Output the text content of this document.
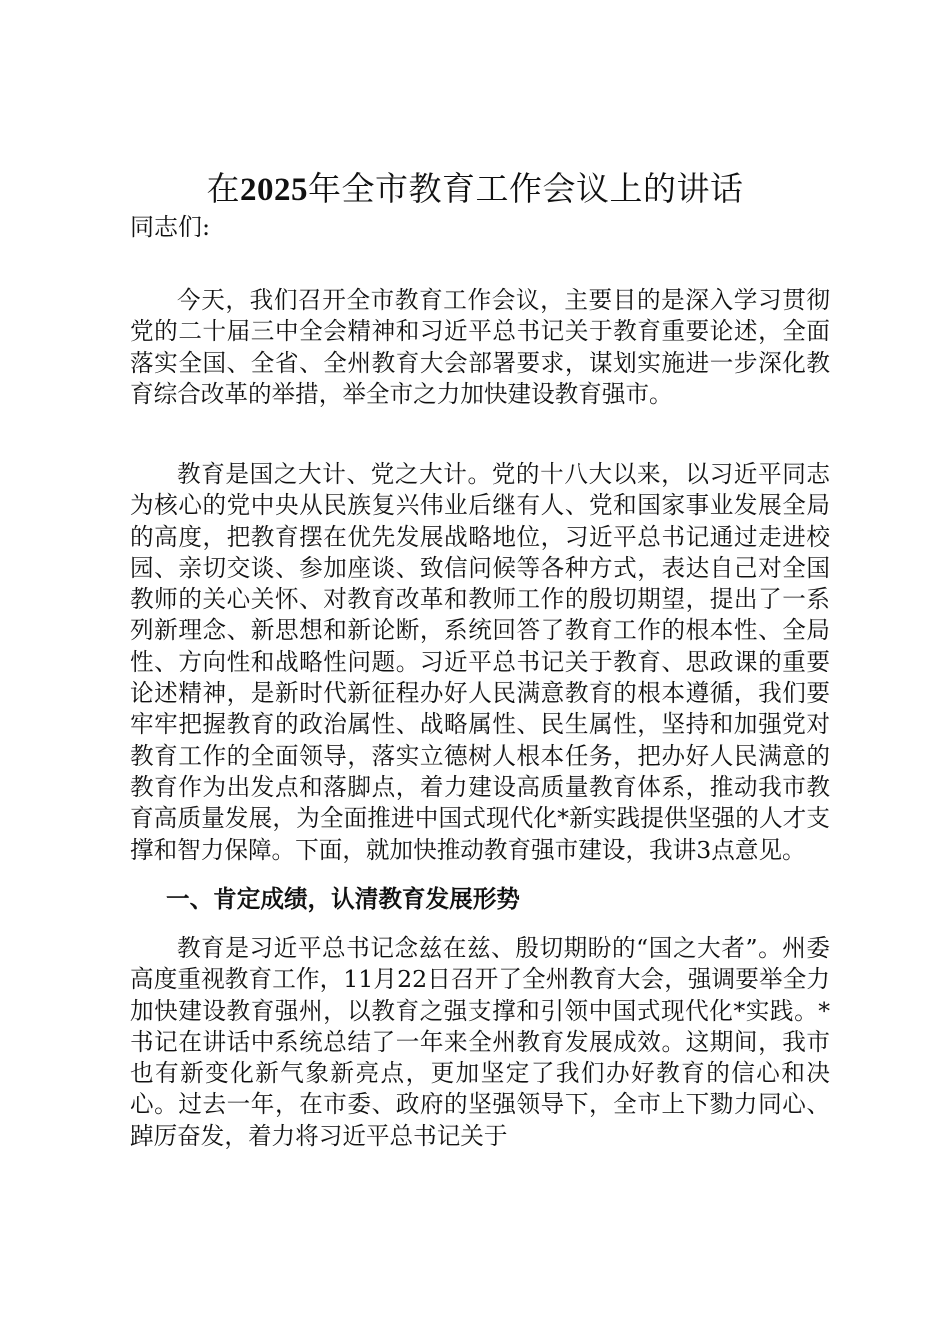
在2025年全市教育工作会议上的讲话
同志们:

今天，我们召开全市教育工作会议，主要目的是深入学习贯彻党的二十届三中全会精神和习近平总书记关于教育重要论述，全面落实全国、全省、全州教育大会部署要求，谋划实施进一步深化教育综合改革的举措，举全市之力加快建设教育强市。

教育是国之大计、党之大计。党的十八大以来，以习近平同志为核心的党中央从民族复兴伟业后继有人、党和国家事业发展全局的高度，把教育摆在优先发展战略地位，习近平总书记通过走进校园、亲切交谈、参加座谈、致信问候等各种方式，表达自己对全国教师的关心关怀、对教育改革和教师工作的殷切期望，提出了一系列新理念、新思想和新论断，系统回答了教育工作的根本性、全局性、方向性和战略性问题。习近平总书记关于教育、思政课的重要论述精神，是新时代新征程办好人民满意教育的根本遵循，我们要牢牢把握教育的政治属性、战略属性、民生属性，坚持和加强党对教育工作的全面领导，落实立德树人根本任务，把办好人民满意的教育作为出发点和落脚点，着力建设高质量教育体系，推动我市教育高质量发展，为全面推进中国式现代化*新实践提供坚强的人才支撑和智力保障。下面，就加快推动教育强市建设，我讲3点意见。

一、肯定成绩，认清教育发展形势

教育是习近平总书记念兹在兹、殷切期盼的“国之大者”。州委高度重视教育工作，11月22日召开了全州教育大会，强调要举全力加快建设教育强州，以教育之强支撑和引领中国式现代化*实践。*书记在讲话中系统总结了一年来全州教育发展成效。这期间，我市也有新变化新气象新亮点，更加坚定了我们办好教育的信心和决心。过去一年，在市委、政府的坚强领导下，全市上下勠力同心、踔厉奋发，着力将习近平总书记关于
